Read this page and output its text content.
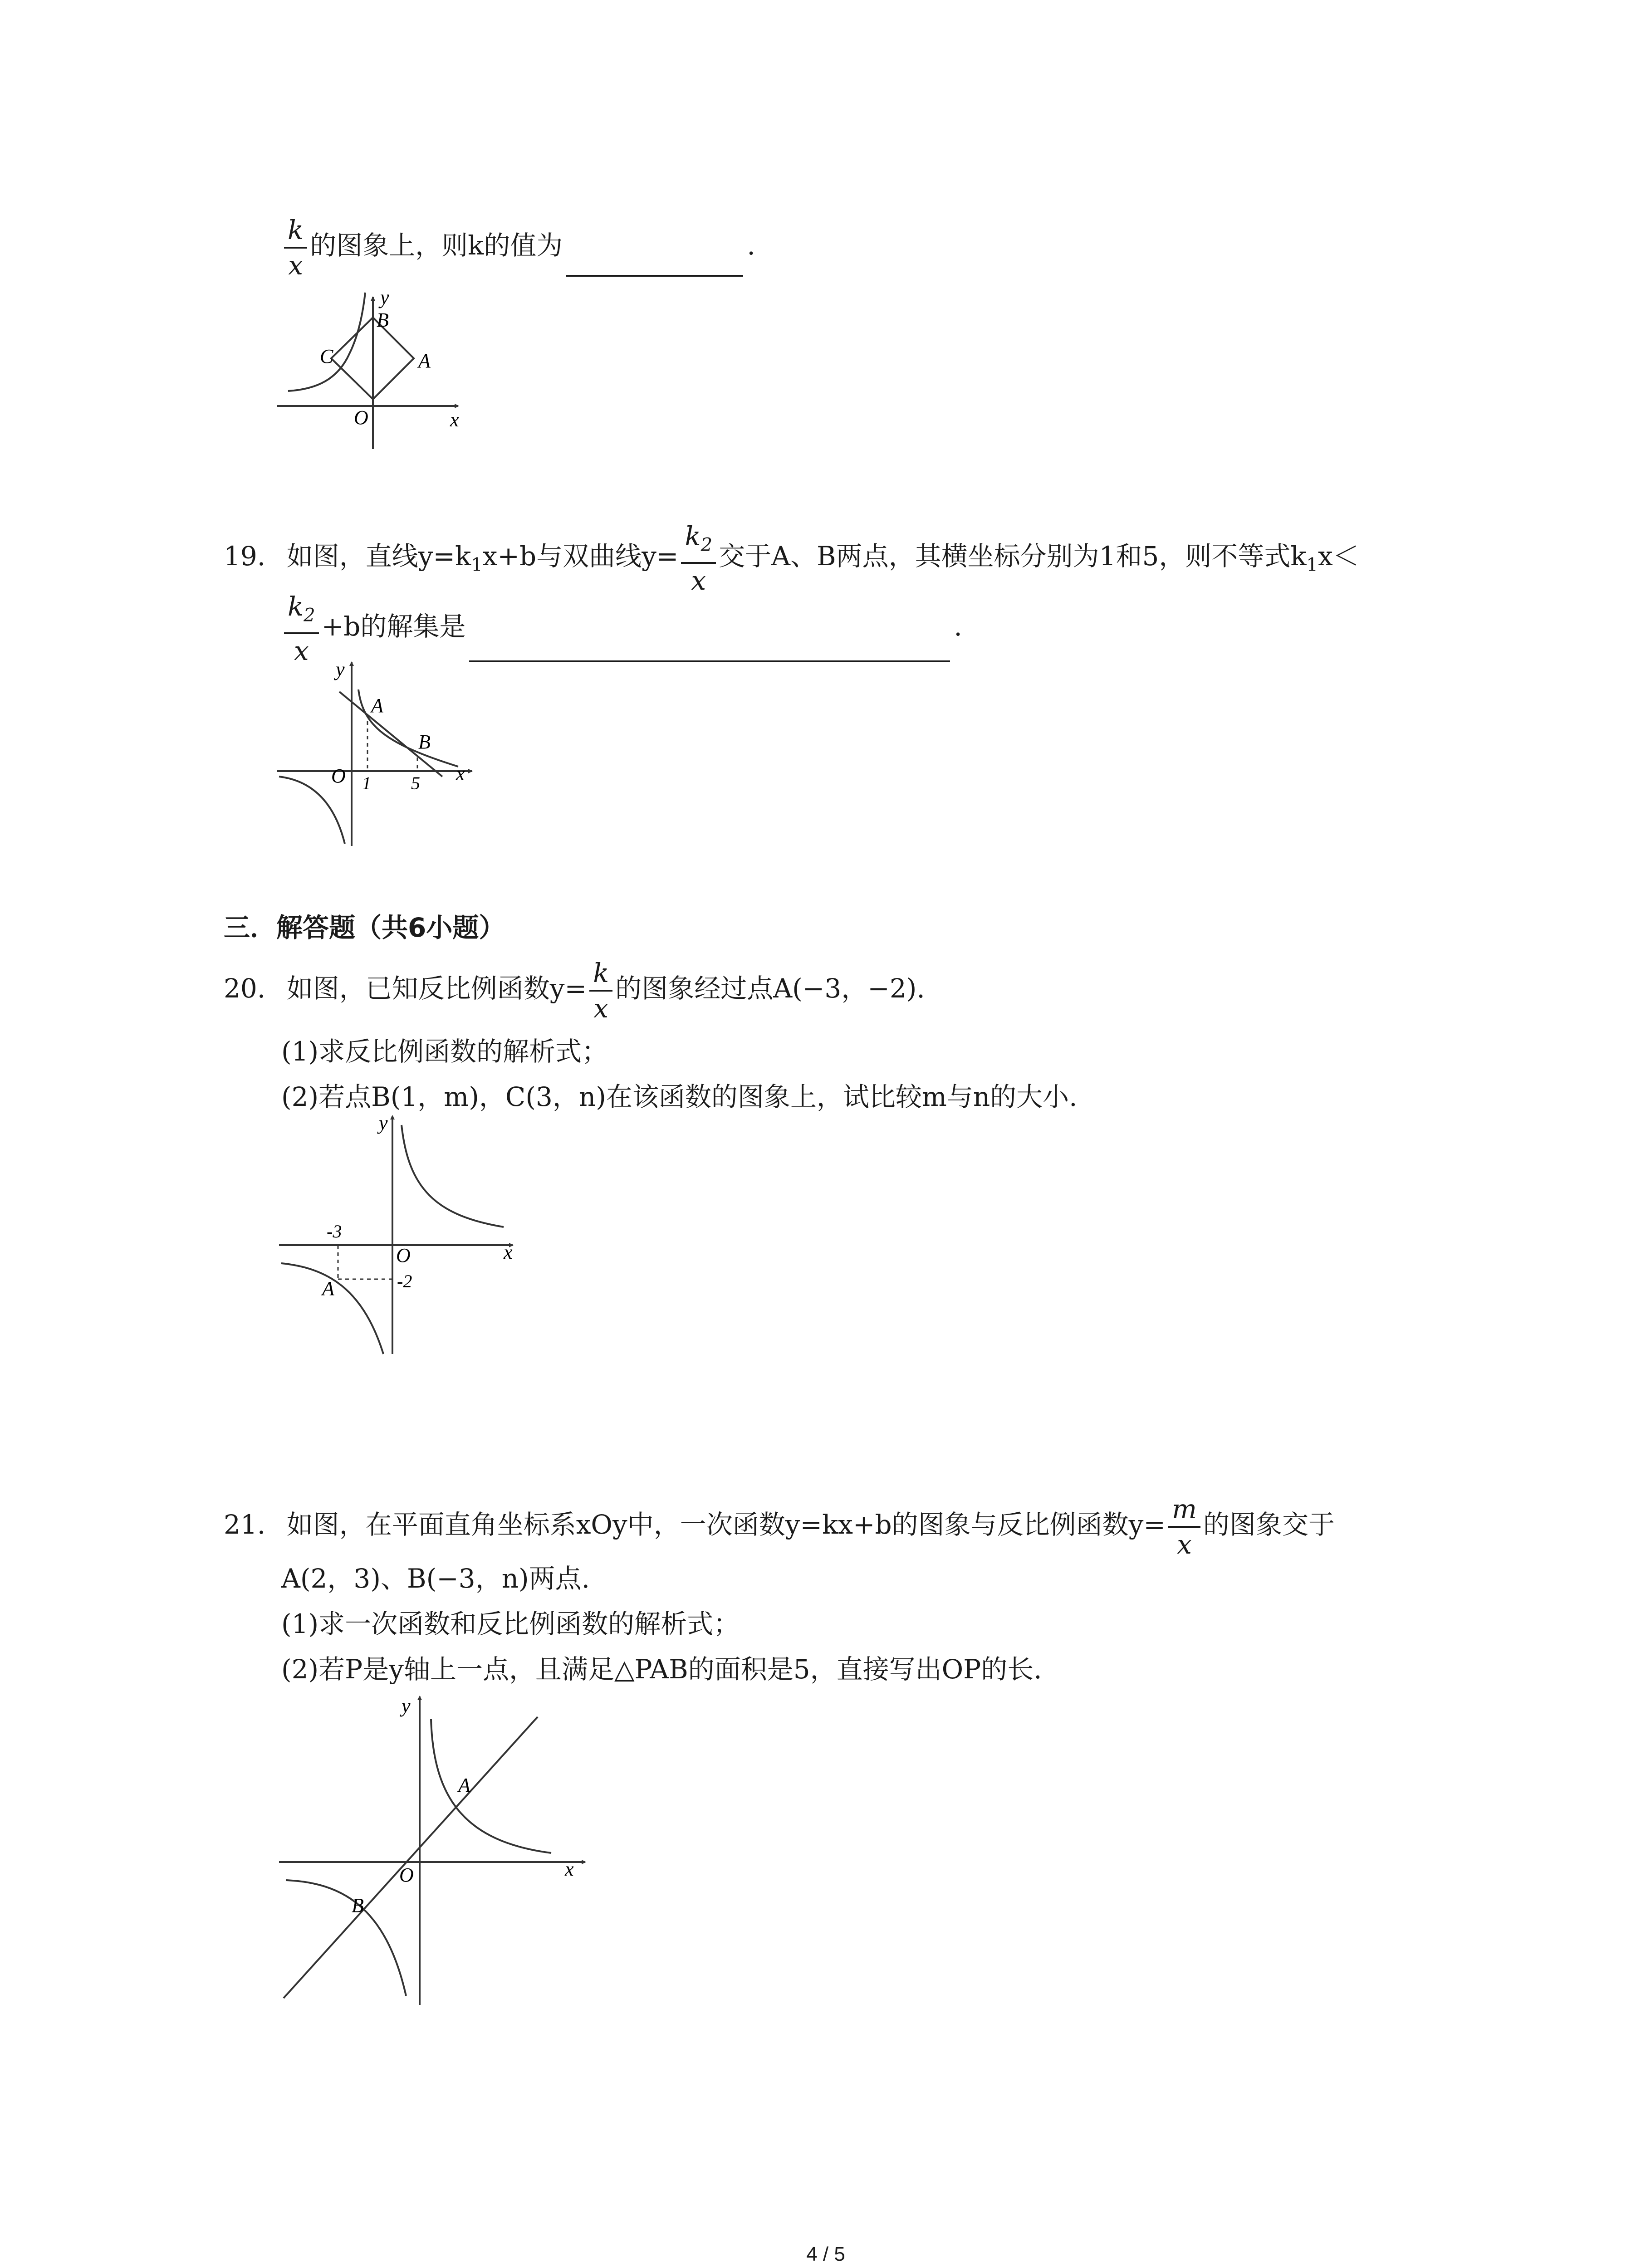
$\frac{k}{x}$ 的图象上，则k的值为	.
y
x
O
A
B
C
19. 如图，直线$y=k_1x+b$与双曲线$y= \frac{k_2}{x}$ 交于A、B两点，其横坐标分别为1和5，则不等式$k_1x<$
$\frac{k_2}{x} +b$的解集是	.
y
x
O
A
B
1 5
三．解答题（共6小题）
20. 如图，已知反比例函数$y= \frac{k}{x}$ 的图象经过点A(−3，−2).
(1)求反比例函数的解析式；
(2)若点B(1，m)，C(3，n)在该函数的图象上，试比较m与n的大小.
y
x
O
A
-3
-2
21. 如图，在平面直角坐标系xOy中，一次函数y=kx+b的图象与反比例函数$y= \frac{m}{x}$ 的图象交于
A(2，3)、B(−3，n)两点.
(1)求一次函数和反比例函数的解析式；
(2)若P是y轴上一点，且满足△PAB的面积是5，直接写出OP的长.
y
x
O
A
B
4 / 5
